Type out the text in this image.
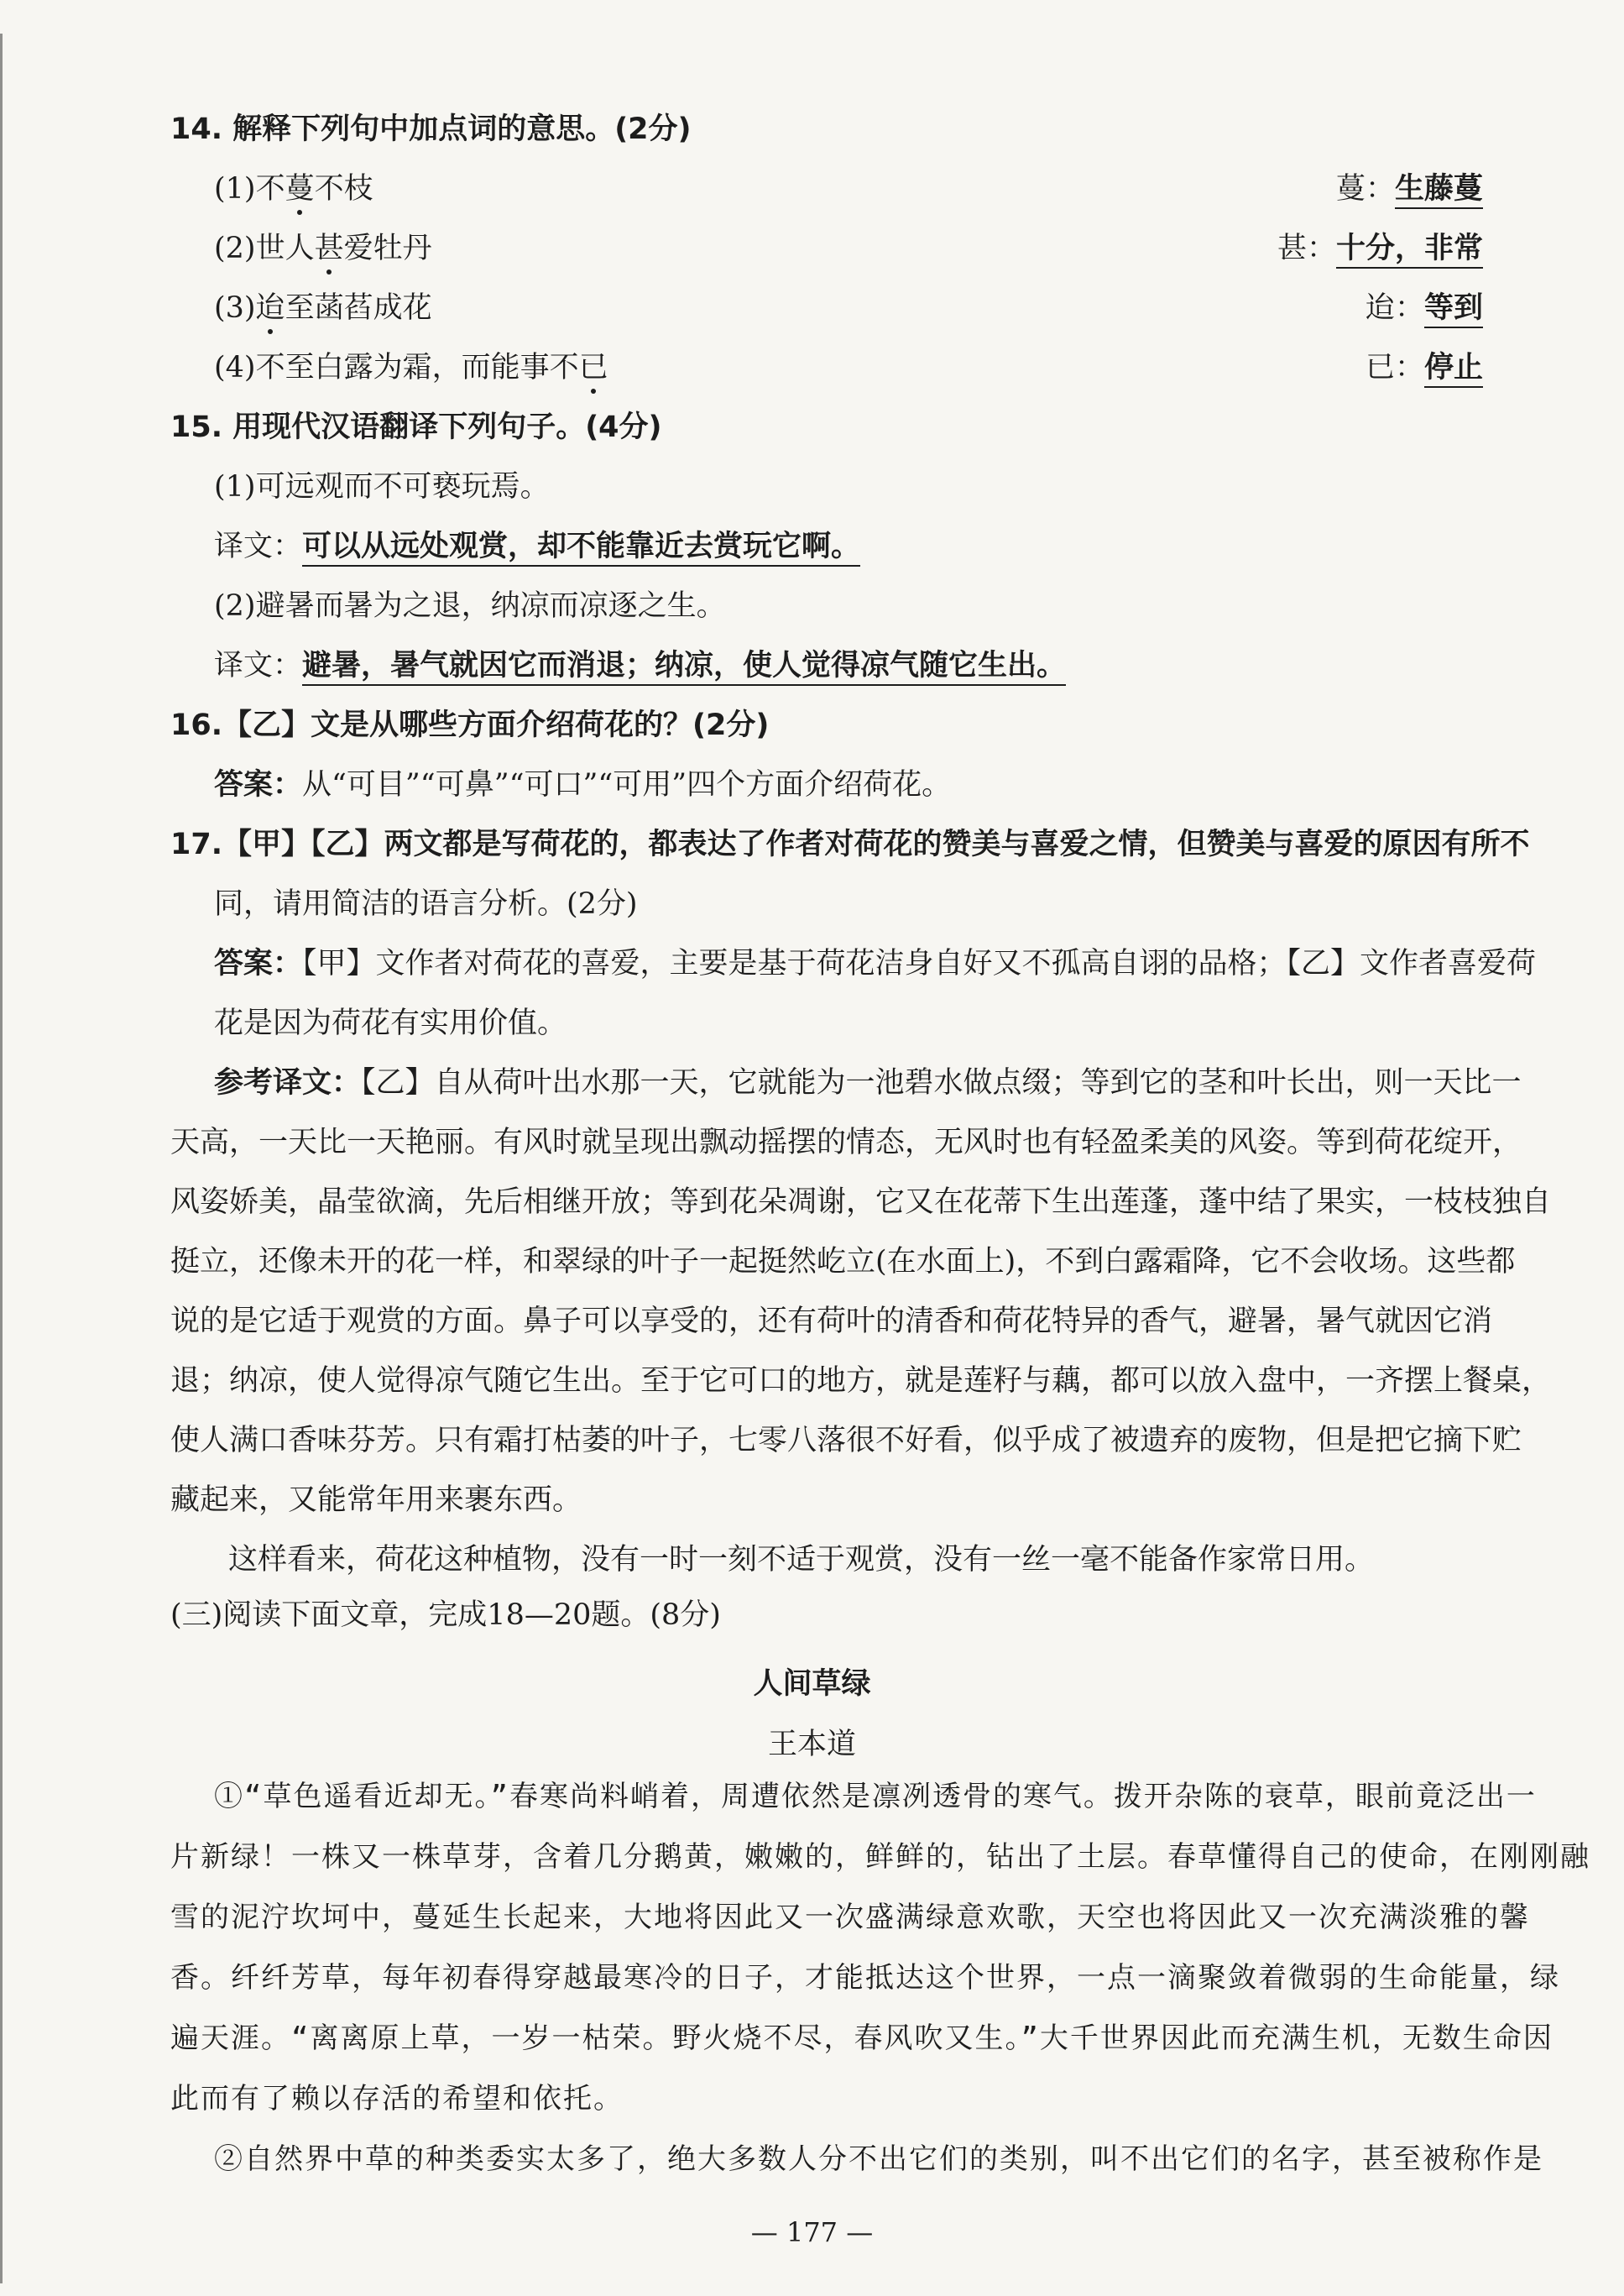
14. 解释下列句中加点词的意思。(2分)
(1)不蔓不枝	蔓：生藤蔓
(2)世人甚爱牡丹	甚：十分，非常
(3)迨至菡萏成花	迨：等到
(4)不至白露为霜，而能事不已	已：停止
15. 用现代汉语翻译下列句子。(4分)
(1)可远观而不可亵玩焉。
译文：可以从远处观赏，却不能靠近去赏玩它啊。
(2)避暑而暑为之退，纳凉而凉逐之生。
译文：避暑，暑气就因它而消退；纳凉，使人觉得凉气随它生出。
16.【乙】文是从哪些方面介绍荷花的？(2分)
答案：从“可目”“可鼻”“可口”“可用”四个方面介绍荷花。
17.【甲】【乙】两文都是写荷花的，都表达了作者对荷花的赞美与喜爱之情，但赞美与喜爱的原因有所不
同，请用简洁的语言分析。(2分)
答案：【甲】文作者对荷花的喜爱，主要是基于荷花洁身自好又不孤高自诩的品格；【乙】文作者喜爱荷
花是因为荷花有实用价值。
参考译文：【乙】自从荷叶出水那一天，它就能为一池碧水做点缀；等到它的茎和叶长出，则一天比一
天高，一天比一天艳丽。有风时就呈现出飘动摇摆的情态，无风时也有轻盈柔美的风姿。等到荷花绽开，
风姿娇美，晶莹欲滴，先后相继开放；等到花朵凋谢，它又在花蒂下生出莲蓬，蓬中结了果实，一枝枝独自
挺立，还像未开的花一样，和翠绿的叶子一起挺然屹立(在水面上)，不到白露霜降，它不会收场。这些都
说的是它适于观赏的方面。鼻子可以享受的，还有荷叶的清香和荷花特异的香气，避暑，暑气就因它消
退；纳凉，使人觉得凉气随它生出。至于它可口的地方，就是莲籽与藕，都可以放入盘中，一齐摆上餐桌，
使人满口香味芬芳。只有霜打枯萎的叶子，七零八落很不好看，似乎成了被遗弃的废物，但是把它摘下贮
藏起来，又能常年用来裹东西。
这样看来，荷花这种植物，没有一时一刻不适于观赏，没有一丝一毫不能备作家常日用。
(三)阅读下面文章，完成18—20题。(8分)
人间草绿
王本道
①“草色遥看近却无。”春寒尚料峭着，周遭依然是凛冽透骨的寒气。拨开杂陈的衰草，眼前竟泛出一
片新绿！一株又一株草芽，含着几分鹅黄，嫩嫩的，鲜鲜的，钻出了土层。春草懂得自己的使命，在刚刚融
雪的泥泞坎坷中，蔓延生长起来，大地将因此又一次盛满绿意欢歌，天空也将因此又一次充满淡雅的馨
香。纤纤芳草，每年初春得穿越最寒冷的日子，才能抵达这个世界，一点一滴聚敛着微弱的生命能量，绿
遍天涯。“离离原上草，一岁一枯荣。野火烧不尽，春风吹又生。”大千世界因此而充满生机，无数生命因
此而有了赖以存活的希望和依托。
②自然界中草的种类委实太多了，绝大多数人分不出它们的类别，叫不出它们的名字，甚至被称作是
— 177 —
